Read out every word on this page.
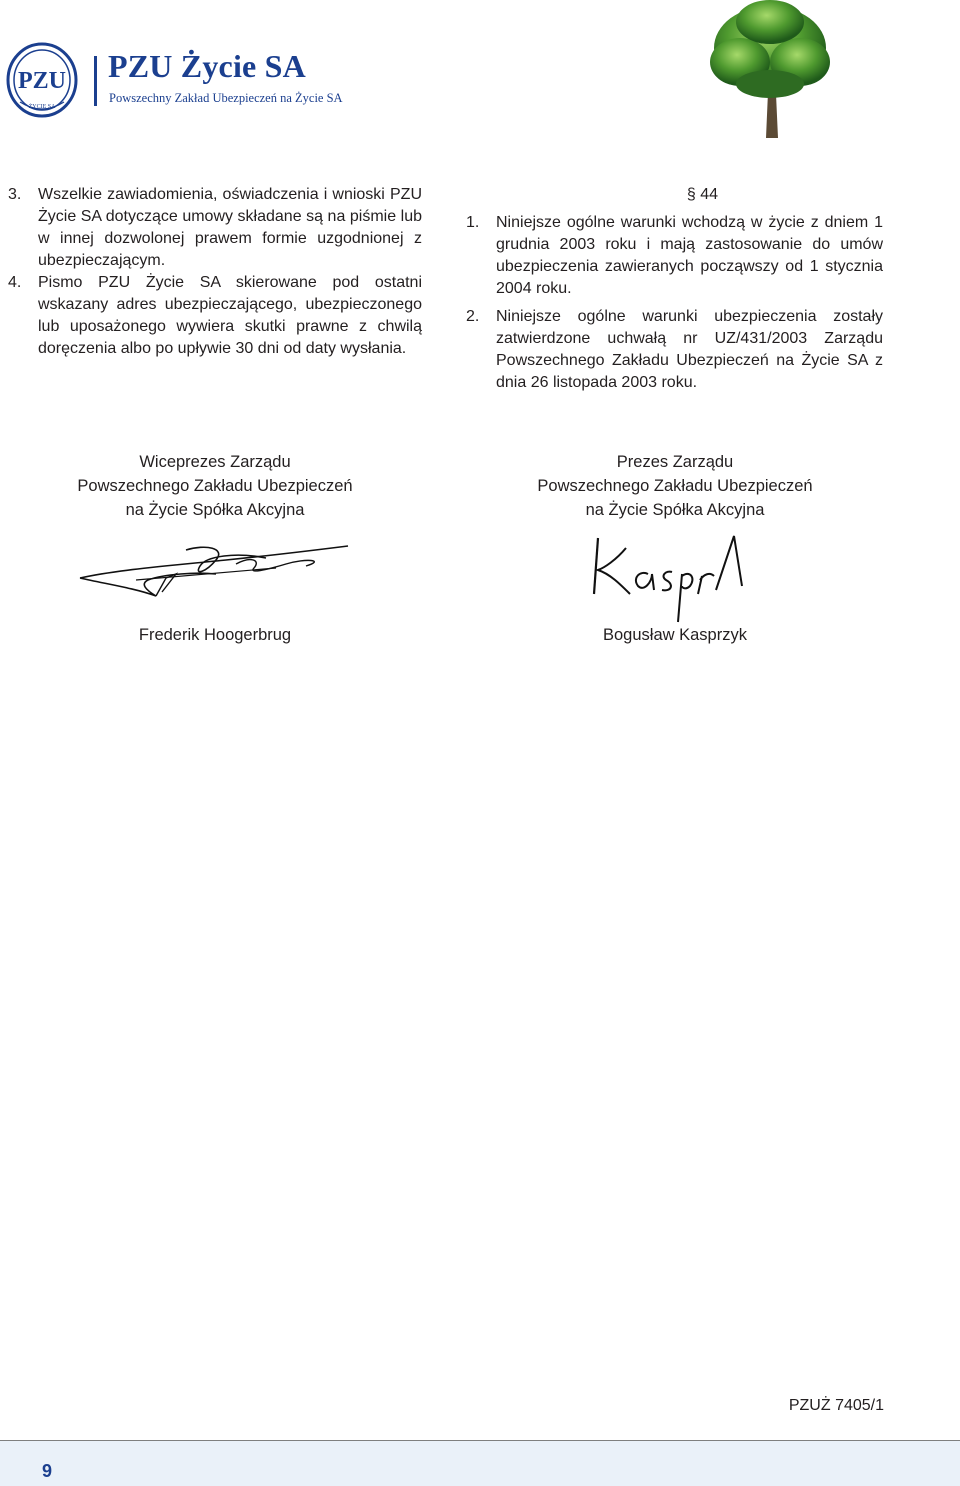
PZU
ŻYCIE SA
PZU Życie SA
Powszechny Zakład Ubezpieczeń na Życie SA
3.	Wszelkie zawiadomienia, oświadczenia i wnioski PZU Życie SA dotyczące umowy składane są na piśmie lub w innej dozwolonej prawem formie uzgodnionej z ubezpieczającym.
4.	Pismo PZU Życie SA skierowane pod ostatni wskazany adres ubezpieczającego, ubezpieczonego lub uposażonego wywiera skutki prawne z chwilą doręczenia albo po upływie 30 dni od daty wysłania.
§ 44
1.	Niniejsze ogólne warunki wchodzą w życie z dniem 1 grudnia 2003 roku i mają zastosowanie do umów ubezpieczenia zawieranych począwszy od 1 stycznia 2004 roku.
2.	Niniejsze ogólne warunki ubezpieczenia zostały zatwierdzone uchwałą nr UZ/431/2003 Zarządu Powszechnego Zakładu Ubezpieczeń na Życie SA z dnia 26 listopada 2003 roku.
Wiceprezes Zarządu
Powszechnego Zakładu Ubezpieczeń
na Życie Spółka Akcyjna
Frederik Hoogerbrug
Prezes Zarządu
Powszechnego Zakładu Ubezpieczeń
na Życie Spółka Akcyjna
Bogusław Kasprzyk
PZUŻ 7405/1
9
